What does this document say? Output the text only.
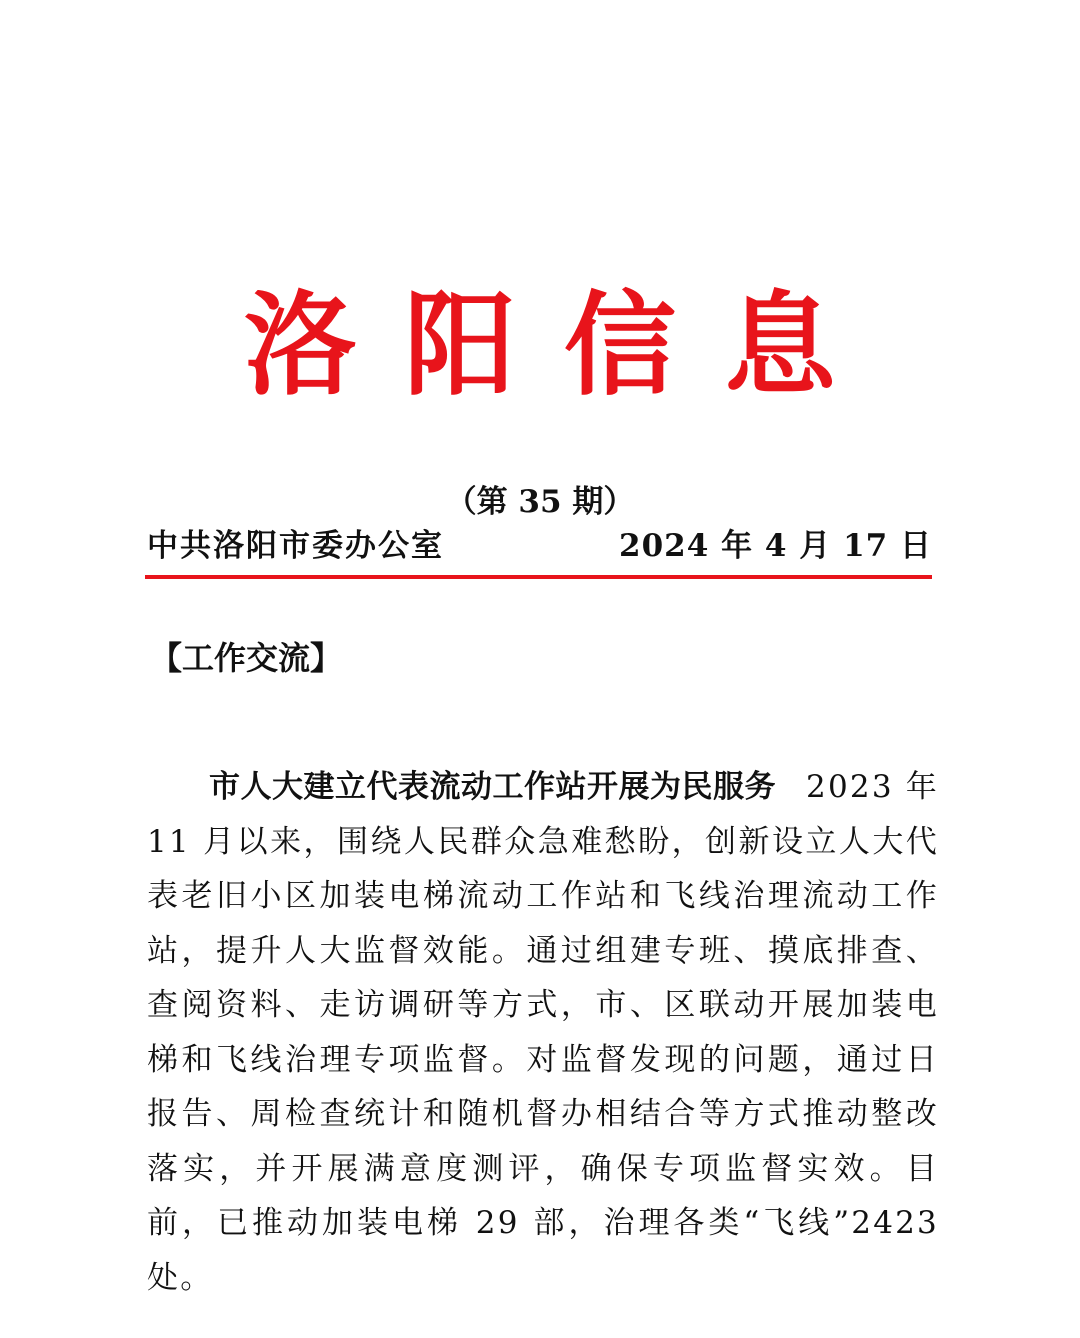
洛阳信息
（第 35 期）
中共洛阳市委办公室	2024 年 4 月 17 日
【工作交流】

市人大建立代表流动工作站开展为民服务 2023 年 11 月以来，围绕人民群众急难愁盼，创新设立人大代表老旧小区加装电梯流动工作站和飞线治理流动工作站，提升人大监督效能。通过组建专班、摸底排查、查阅资料、走访调研等方式，市、区联动开展加装电梯和飞线治理专项监督。对监督发现的问题，通过日报告、周检查统计和随机督办相结合等方式推动整改落实，并开展满意度测评，确保专项监督实效。目前，已推动加装电梯 29 部，治理各类“飞线”2423 处。
